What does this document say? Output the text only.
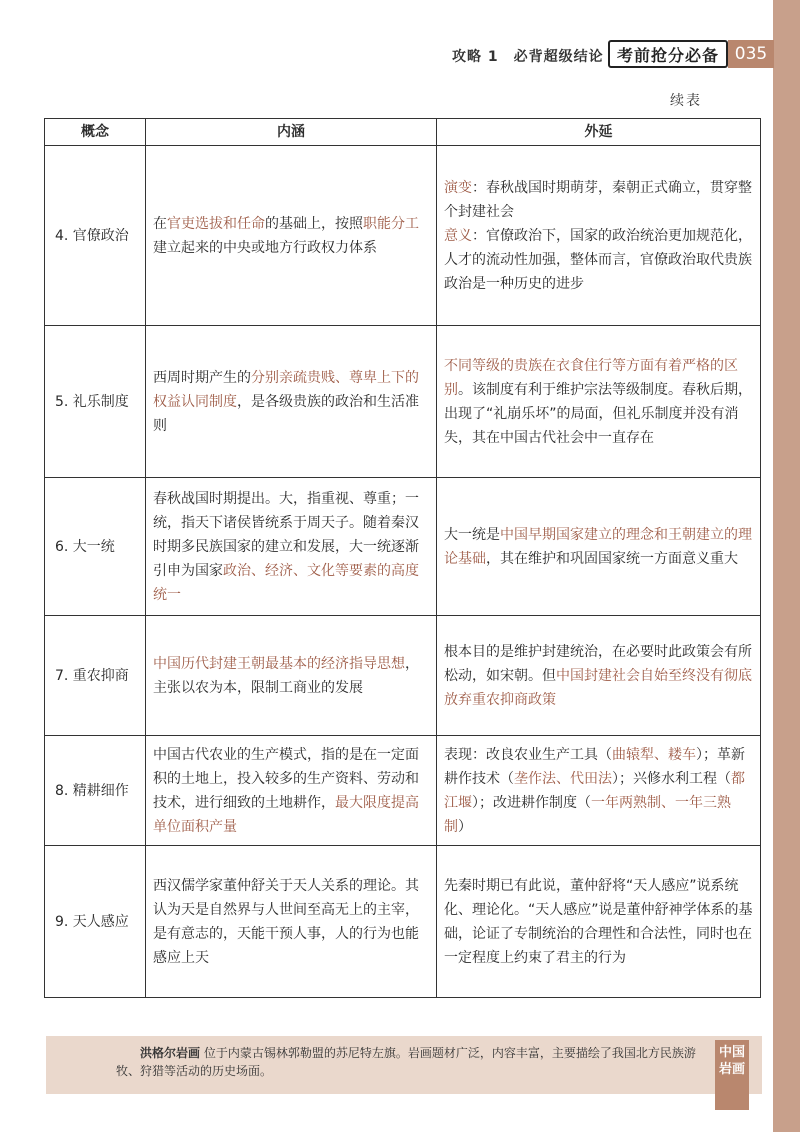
攻略 1　必背超级结论 考前抢分必备 035
续表
概念	内涵	外延
4. 官僚政治	在官吏选拔和任命的基础上，按照职能分工建立起来的中央或地方行政权力体系	演变：春秋战国时期萌芽，秦朝正式确立，贯穿整个封建社会
意义：官僚政治下，国家的政治统治更加规范化，人才的流动性加强，整体而言，官僚政治取代贵族政治是一种历史的进步
5. 礼乐制度	西周时期产生的分别亲疏贵贱、尊卑上下的权益认同制度，是各级贵族的政治和生活准则	不同等级的贵族在衣食住行等方面有着严格的区别。该制度有利于维护宗法等级制度。春秋后期，出现了“礼崩乐坏”的局面，但礼乐制度并没有消失，其在中国古代社会中一直存在
6. 大一统	春秋战国时期提出。大，指重视、尊重；一统，指天下诸侯皆统系于周天子。随着秦汉时期多民族国家的建立和发展，大一统逐渐引申为国家政治、经济、文化等要素的高度统一	大一统是中国早期国家建立的理念和王朝建立的理论基础，其在维护和巩固国家统一方面意义重大
7. 重农抑商	中国历代封建王朝最基本的经济指导思想，主张以农为本，限制工商业的发展	根本目的是维护封建统治，在必要时此政策会有所松动，如宋朝。但中国封建社会自始至终没有彻底放弃重农抑商政策
8. 精耕细作	中国古代农业的生产模式，指的是在一定面积的土地上，投入较多的生产资料、劳动和技术，进行细致的土地耕作，最大限度提高单位面积产量	表现：改良农业生产工具（曲辕犁、耧车）；革新耕作技术（垄作法、代田法）；兴修水利工程（都江堰）；改进耕作制度（一年两熟制、一年三熟制）
9. 天人感应	西汉儒学家董仲舒关于天人关系的理论。其认为天是自然界与人世间至高无上的主宰，是有意志的，天能干预人事，人的行为也能感应上天	先秦时期已有此说，董仲舒将“天人感应”说系统化、理论化。“天人感应”说是董仲舒神学体系的基础，论证了专制统治的合理性和合法性，同时也在一定程度上约束了君主的行为
洪格尔岩画 位于内蒙古锡林郭勒盟的苏尼特左旗。岩画题材广泛，内容丰富，主要描绘了我国北方民族游牧、狩猎等活动的历史场面。
中国岩画
